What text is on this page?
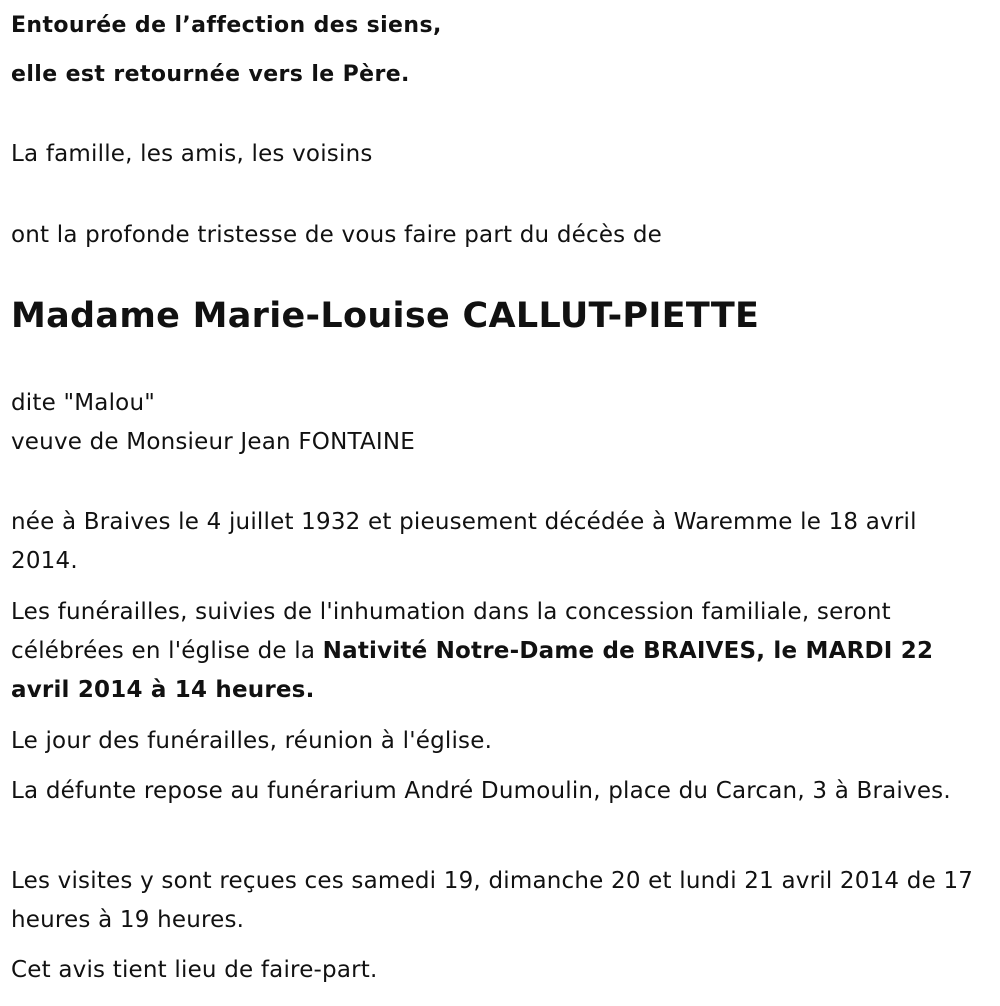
Entourée de l’affection des siens,

elle est retournée vers le Père.

La famille, les amis, les voisins

ont la profonde tristesse de vous faire part du décès de

Madame Marie-Louise CALLUT-PIETTE

dite "Malou"

veuve de Monsieur Jean FONTAINE

née à Braives le 4 juillet 1932 et pieusement décédée à Waremme le 18 avril 2014.

Les funérailles, suivies de l'inhumation dans la concession familiale, seront célébrées en l'église de la Nativité Notre-Dame de BRAIVES, le MARDI 22 avril 2014 à 14 heures.

Le jour des funérailles, réunion à l'église.

La défunte repose au funérarium André Dumoulin, place du Carcan, 3 à Braives.

Les visites y sont reçues ces samedi 19, dimanche 20 et lundi 21 avril 2014 de 17 heures à 19 heures.

Cet avis tient lieu de faire-part.
